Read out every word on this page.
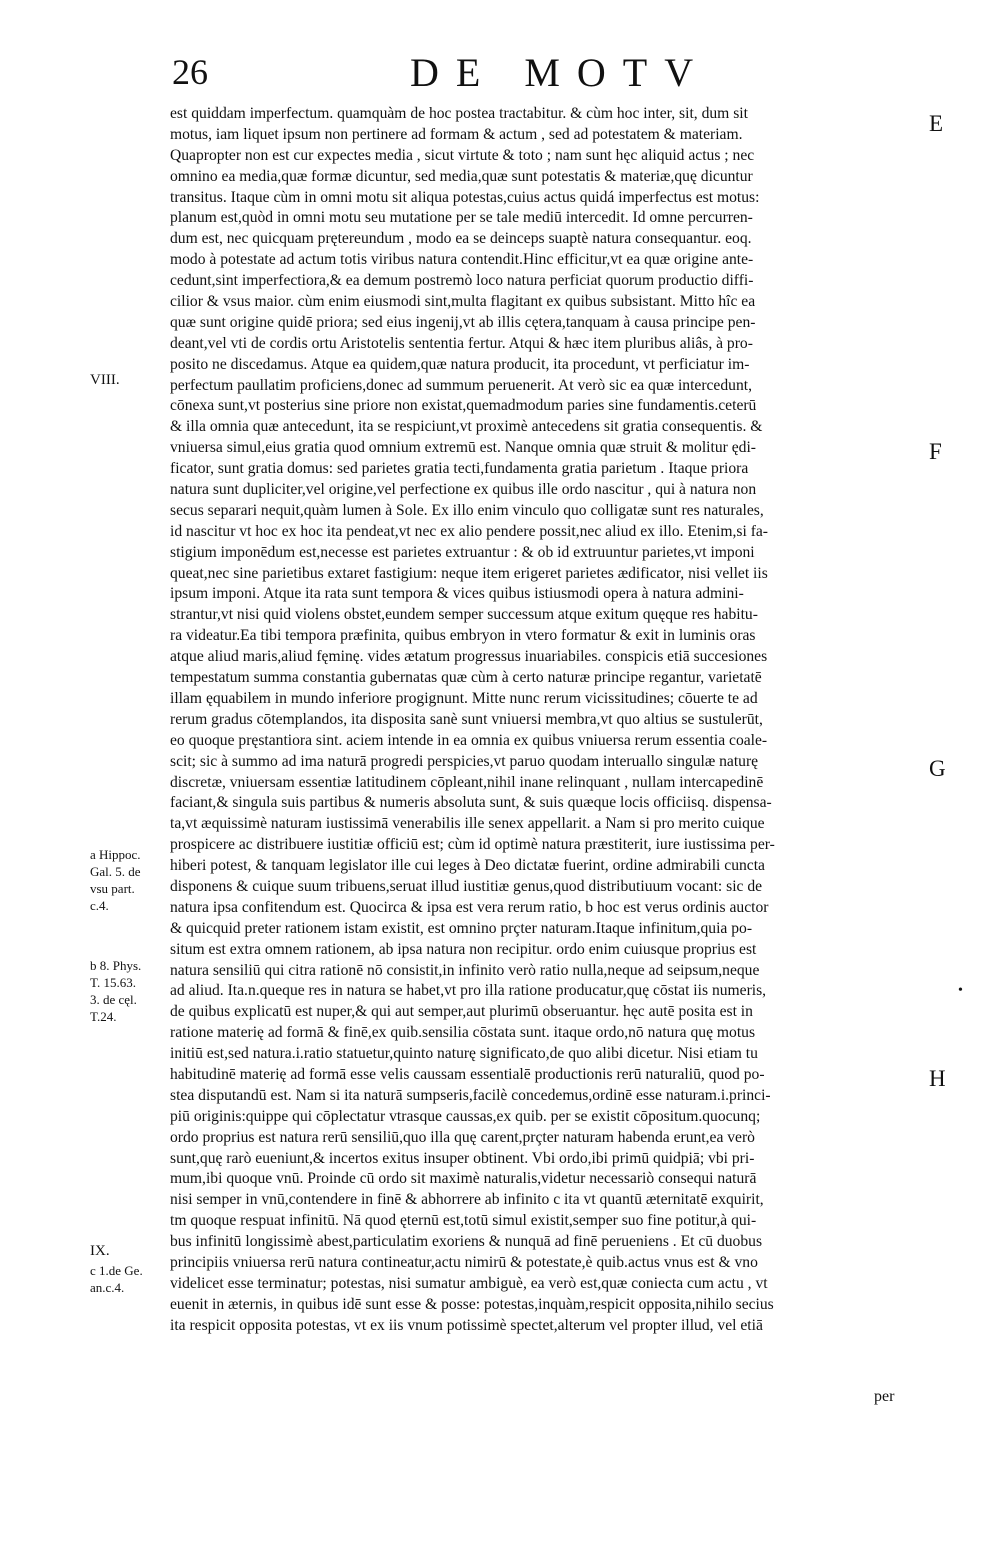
26	DE MOTV
est quiddam imperfectum. quamquàm de hoc postea tractabitur. & cùm hoc inter, sit, dum sit
motus, iam liquet ipsum non pertinere ad formam & actum , sed ad potestatem & materiam.
Quapropter non est cur expectes media , sicut virtute & toto ; nam sunt hęc aliquid actus ; nec
omnino ea media,quæ formæ dicuntur, sed media,quæ sunt potestatis & materiæ,quę dicuntur
transitus. Itaque cùm in omni motu sit aliqua potestas,cuius actus quidá imperfectus est motus:
planum est,quòd in omni motu seu mutatione per se tale mediū intercedit. Id omne percurren-
dum est, nec quicquam prętereundum , modo ea se deinceps suaptè natura consequantur. eoq.
modo à potestate ad actum totis viribus natura contendit.Hinc efficitur,vt ea quæ origine ante-
cedunt,sint imperfectiora,& ea demum postremò loco natura perficiat quorum productio diffi-
cilior & vsus maior. cùm enim eiusmodi sint,multa flagitant ex quibus subsistant. Mitto hîc ea
quæ sunt origine quidē priora; sed eius ingenij,vt ab illis cętera,tanquam à causa principe pen-
deant,vel vti de cordis ortu Aristotelis sententia fertur. Atqui & hæc item pluribus aliâs, à pro-
posito ne discedamus. Atque ea quidem,quæ natura producit, ita procedunt, vt perficiatur im-
perfectum paullatim proficiens,donec ad summum peruenerit. At verò sic ea quæ intercedunt,
cōnexa sunt,vt posterius sine priore non existat,quemadmodum paries sine fundamentis.ceterū
& illa omnia quæ antecedunt, ita se respiciunt,vt proximè antecedens sit gratia consequentis. &
vniuersa simul,eius gratia quod omnium extremū est. Nanque omnia quæ struit & molitur ędi-
ficator, sunt gratia domus: sed parietes gratia tecti,fundamenta gratia parietum . Itaque priora
natura sunt dupliciter,vel origine,vel perfectione ex quibus ille ordo nascitur , qui à natura non
secus separari nequit,quàm lumen à Sole. Ex illo enim vinculo quo colligatæ sunt res naturales,
id nascitur vt hoc ex hoc ita pendeat,vt nec ex alio pendere possit,nec aliud ex illo. Etenim,si fa-
stigium imponēdum est,necesse est parietes extruantur : & ob id extruuntur parietes,vt imponi
queat,nec sine parietibus extaret fastigium: neque item erigeret parietes ædificator, nisi vellet iis
ipsum imponi. Atque ita rata sunt tempora & vices quibus istiusmodi opera à natura admini-
strantur,vt nisi quid violens obstet,eundem semper successum atque exitum quęque res habitu-
ra videatur.Ea tibi tempora præfinita, quibus embryon in vtero formatur & exit in luminis oras
atque aliud maris,aliud fęminę. vides ætatum progressus inuariabiles. conspicis etiā succesiones
tempestatum summa constantia gubernatas quæ cùm à certo naturæ principe regantur, varietatē
illam ęquabilem in mundo inferiore progignunt. Mitte nunc rerum vicissitudines; cōuerte te ad
rerum gradus cōtemplandos, ita disposita sanè sunt vniuersi membra,vt quo altius se sustulerūt,
eo quoque pręstantiora sint. aciem intende in ea omnia ex quibus vniuersa rerum essentia coale-
scit; sic à summo ad ima naturā progredi perspicies,vt paruo quodam interuallo singulæ naturę
discretæ, vniuersam essentiæ latitudinem cōpleant,nihil inane relinquant , nullam intercapedinē
faciant,& singula suis partibus & numeris absoluta sunt, & suis quæque locis officiisq. dispensa-
ta,vt æquissimè naturam iustissimā venerabilis ille senex appellarit. a Nam si pro merito cuique
prospicere ac distribuere iustitiæ officiū est; cùm id optimè natura præstiterit, iure iustissima per-
hiberi potest, & tanquam legislator ille cui leges à Deo dictatæ fuerint, ordine admirabili cuncta
disponens & cuique suum tribuens,seruat illud iustitiæ genus,quod distributiuum vocant: sic de
natura ipsa confitendum est. Quocirca & ipsa est vera rerum ratio, b hoc est verus ordinis auctor
& quicquid preter rationem istam existit, est omnino prçter naturam.Itaque infinitum,quia po-
situm est extra omnem rationem, ab ipsa natura non recipitur. ordo enim cuiusque proprius est
natura sensiliū qui citra rationē nō consistit,in infinito verò ratio nulla,neque ad seipsum,neque
ad aliud. Ita.n.queque res in natura se habet,vt pro illa ratione producatur,quę cōstat iis numeris,
de quibus explicatū est nuper,& qui aut semper,aut plurimū obseruantur. hęc autē posita est in
ratione materię ad formā & finē,ex quib.sensilia cōstata sunt. itaque ordo,nō natura quę motus
initiū est,sed natura.i.ratio statuetur,quinto naturę significato,de quo alibi dicetur. Nisi etiam tu
habitudinē materię ad formā esse velis caussam essentialē productionis rerū naturaliū, quod po-
stea disputandū est. Nam si ita naturā sumpseris,facilè concedemus,ordinē esse naturam.i.princi-
piū originis:quippe qui cōplectatur vtrasque caussas,ex quib. per se existit cōpositum.quocunq;
ordo proprius est natura rerū sensiliū,quo illa quę carent,prçter naturam habenda erunt,ea verò
sunt,quę rarò eueniunt,& incertos exitus insuper obtinent. Vbi ordo,ibi primū quidpiā; vbi pri-
mum,ibi quoque vnū. Proinde cū ordo sit maximè naturalis,videtur necessariò consequi naturā
nisi semper in vnū,contendere in finē & abhorrere ab infinito c ita vt quantū æternitatē exquirit,
tm quoque respuat infinitū. Nā quod ęternū est,totū simul existit,semper suo fine potitur,à qui-
bus infinitū longissimè abest,particulatim exoriens & nunquā ad finē perueniens . Et cū duobus
principiis vniuersa rerū natura contineatur,actu nimirū & potestate,è quib.actus vnus est & vno
videlicet esse terminatur; potestas, nisi sumatur ambiguè, ea verò est,quæ coniecta cum actu , vt
euenit in æternis, in quibus idē sunt esse & posse: potestas,inquàm,respicit opposita,nihilo secius
ita respicit opposita potestas, vt ex iis vnum potissimè spectet,alterum vel propter illud, vel etiā
per
VIII.
a Hippoc.
Gal. 5. de
vsu part.
c.4.
b 8. Phys.
T. 15.63.
3. de cęl.
T.24.
IX.
c 1.de Ge.
an.c.4.
E
F
G
•
H
